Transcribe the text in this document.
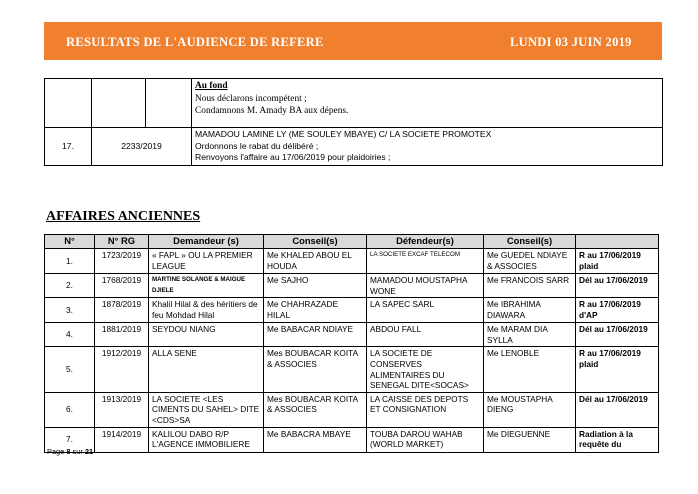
RESULTATS DE L'AUDIENCE DE REFERE	LUNDI 03 JUIN 2019

			Au fond
Nous déclarons incompétent ;
Condamnons M. Amady BA aux dépens.

17.	2233/2019		MAMADOU LAMINE LY (ME SOULEY MBAYE) C/ LA SOCIETE PROMOTEX
Ordonnons le rabat du délibéré ;
Renvoyons l'affaire au 17/06/2019 pour plaidoiries ;
AFFAIRES ANCIENNES
N°	N° RG	Demandeur (s)	Conseil(s)	Défendeur(s)	Conseil(s)	
1.	1723/2019	« FAPL » OU LA PREMIER LEAGUE	Me KHALED ABOU EL HOUDA	LA SOCIETE EXCAF TELECOM	Me GUEDEL NDIAYE & ASSOCIES	R au 17/06/2019 plaid
2.	1768/2019	MARTINE SOLANGE & MAIGUE DJIELE	Me SAJHO	MAMADOU MOUSTAPHA WONE	Me FRANCOIS SARR	Dél au 17/06/2019
3.	1878/2019	Khalil Hilal & des héritiers de feu Mohdad Hilal	Me CHAHRAZADE HILAL	LA SAPEC SARL	Me IBRAHIMA DIAWARA	R au 17/06/2019 d'AP
4.	1881/2019	SEYDOU NIANG	Me BABACAR NDIAYE	ABDOU FALL	Me MARAM DIA SYLLA	Dél au 17/06/2019
5.	1912/2019	ALLA SENE	Mes BOUBACAR KOITA & ASSOCIES	LA SOCIETE DE CONSERVES ALIMENTAIRES DU SENEGAL DITE<SOCAS>	Me LENOBLE	R au 17/06/2019 plaid
6.	1913/2019	LA SOCIETE <LES CIMENTS DU SAHEL> DITE <CDS>SA	Mes BOUBACAR KOITA & ASSOCIES	LA CAISSE DES DEPOTS ET CONSIGNATION	Me MOUSTAPHA DIENG	Dél au 17/06/2019
7.	1914/2019	KALILOU DABO R/P L'AGENCE IMMOBILIERE	Me BABACRA MBAYE	TOUBA DAROU WAHAB (WORLD MARKET)	Me DIEGUENNE	Radiation à la requête du
Page 8 sur 21
